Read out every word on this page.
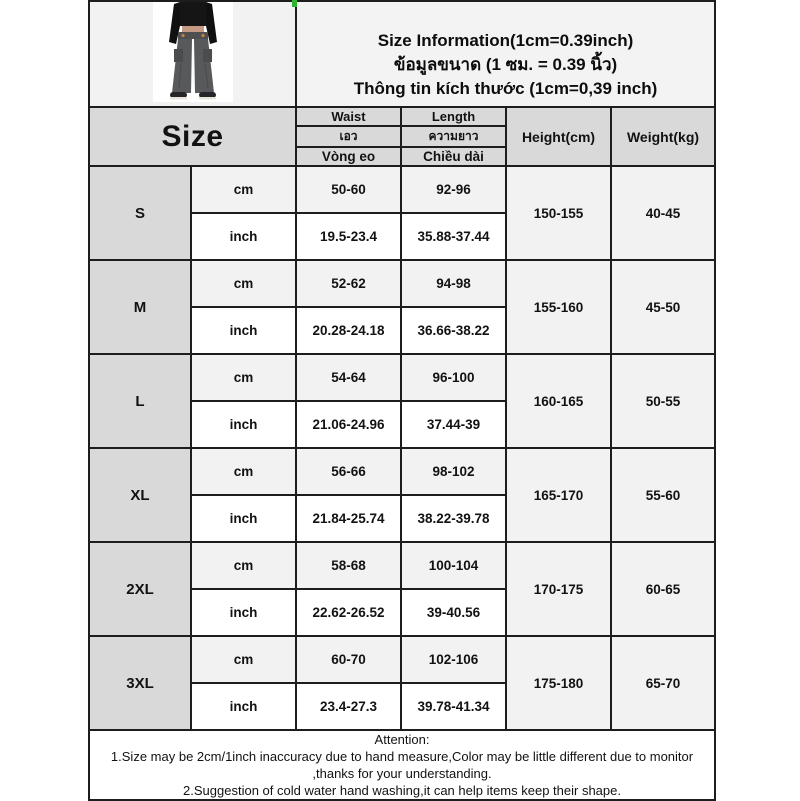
Size Information(1cm=0.39inch)
ข้อมูลขนาด (1 ซม. = 0.39 นิ้ว)
Thông tin kích thước (1cm=0,39 inch)			

Size		Waist	Length	Height(cm)	Weight(kg)
		เอว	ความยาว		
		Vòng eo	Chiều dài		
S	cm	50-60	92-96	150-155	40-45
	inch	19.5-23.4	35.88-37.44		
M	cm	52-62	94-98	155-160	45-50
	inch	20.28-24.18	36.66-38.22		
L	cm	54-64	96-100	160-165	50-55
	inch	21.06-24.96	37.44-39		
XL	cm	56-66	98-102	165-170	55-60
	inch	21.84-25.74	38.22-39.78		
2XL	cm	58-68	100-104	170-175	60-65
	inch	22.62-26.52	39-40.56		
3XL	cm	60-70	102-106	175-180	65-70
	inch	23.4-27.3	39.78-41.34		

Attention:
1.Size may be 2cm/1inch inaccuracy due to hand measure,Color may be little different due to monitor ,thanks for your understanding.
2.Suggestion of cold water hand washing,it can help items keep their shape.					
